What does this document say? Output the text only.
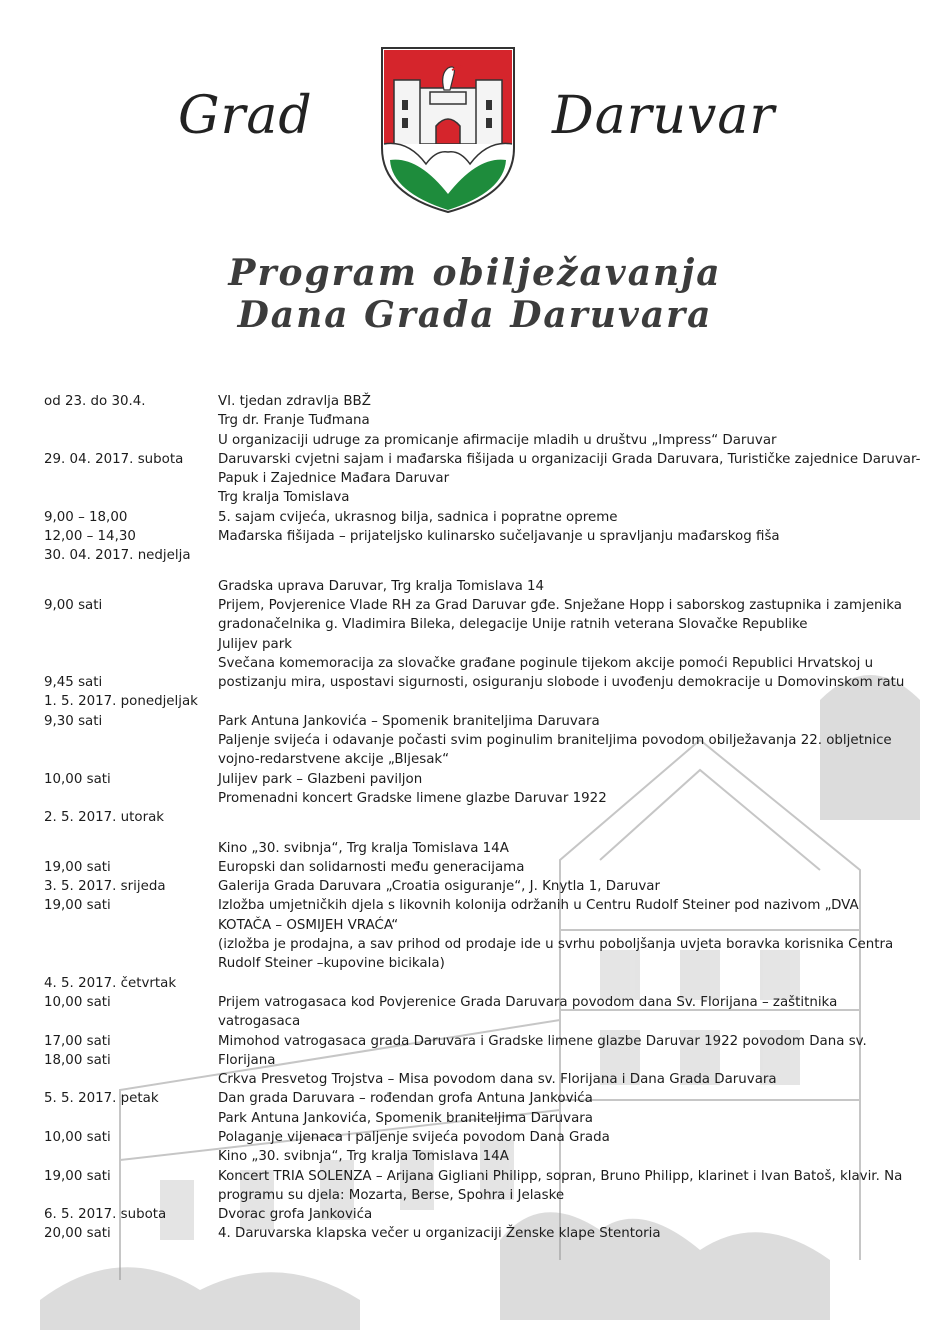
Grad	Daruvar
Program obilježavanja
Dana Grada Daruvara
od 23. do 30.4.	VI. tjedan zdravlja BBŽ
Trg dr. Franje Tuđmana
U organizaciji udruge za promicanje afirmacije mladih u društvu „Impress“ Daruvar
29. 04. 2017. subota	Daruvarski cvjetni sajam i mađarska fišijada u organizaciji Grada Daruvara, Turističke zajednice Daruvar-
Papuk i Zajednice Mađara Daruvar
Trg kralja Tomislava
9,00 – 18,00	5. sajam cvijeća, ukrasnog bilja, sadnica i popratne opreme
12,00 – 14,30	Mađarska fišijada – prijateljsko kulinarsko sučeljavanje u spravljanju mađarskog fiša
30. 04. 2017. nedjelja
Gradska uprava Daruvar, Trg kralja Tomislava 14
9,00 sati	Prijem, Povjerenice Vlade RH za Grad Daruvar gđe. Snježane Hopp i saborskog zastupnika i zamjenika
gradonačelnika g. Vladimira Bileka, delegacije Unije ratnih veterana Slovačke Republike
Julijev park
Svečana komemoracija za slovačke građane poginule tijekom akcije pomoći Republici Hrvatskoj u
9,45 sati	postizanju mira, uspostavi sigurnosti, osiguranju slobode i uvođenju demokracije u Domovinskom ratu
1. 5. 2017. ponedjeljak
9,30 sati	Park Antuna Jankovića – Spomenik braniteljima Daruvara
Paljenje svijeća i odavanje počasti svim poginulim braniteljima povodom obilježavanja 22. obljetnice
vojno-redarstvene akcije „Bljesak“
10,00 sati	Julijev park – Glazbeni paviljon
Promenadni koncert Gradske limene glazbe Daruvar 1922
2. 5. 2017. utorak
Kino „30. svibnja“, Trg kralja Tomislava 14A
19,00 sati	Europski dan solidarnosti među generacijama
3. 5. 2017. srijeda	Galerija Grada Daruvara „Croatia osiguranje“, J. Knytla 1, Daruvar
19,00 sati	Izložba umjetničkih djela s likovnih kolonija održanih u Centru Rudolf Steiner pod nazivom „DVA
KOTAČA – OSMIJEH VRAĆA“
(izložba je prodajna, a sav prihod od prodaje ide u svrhu poboljšanja uvjeta boravka korisnika Centra
Rudolf Steiner –kupovine bicikala)
4. 5. 2017. četvrtak
10,00 sati	Prijem vatrogasaca kod Povjerenice Grada Daruvara povodom dana Sv. Florijana – zaštitnika
vatrogasaca
17,00 sati	Mimohod vatrogasaca grada Daruvara i Gradske limene glazbe Daruvar 1922 povodom Dana sv.
18,00 sati	Florijana
Crkva Presvetog Trojstva – Misa povodom dana sv. Florijana i Dana Grada Daruvara
5. 5. 2017. petak	Dan grada Daruvara – rođendan grofa Antuna Jankovića
Park Antuna Jankovića, Spomenik braniteljima Daruvara
10,00 sati	Polaganje vijenaca i paljenje svijeća povodom Dana Grada
Kino „30. svibnja“, Trg kralja Tomislava 14A
19,00 sati	Koncert TRIA SOLENZA – Arijana Gigliani Philipp, sopran, Bruno Philipp, klarinet i Ivan Batoš, klavir. Na
programu su djela: Mozarta, Berse, Spohra i Jelaske
6. 5. 2017. subota	Dvorac grofa Jankovića
20,00 sati	4. Daruvarska klapska večer u organizaciji Ženske klape Stentoria
